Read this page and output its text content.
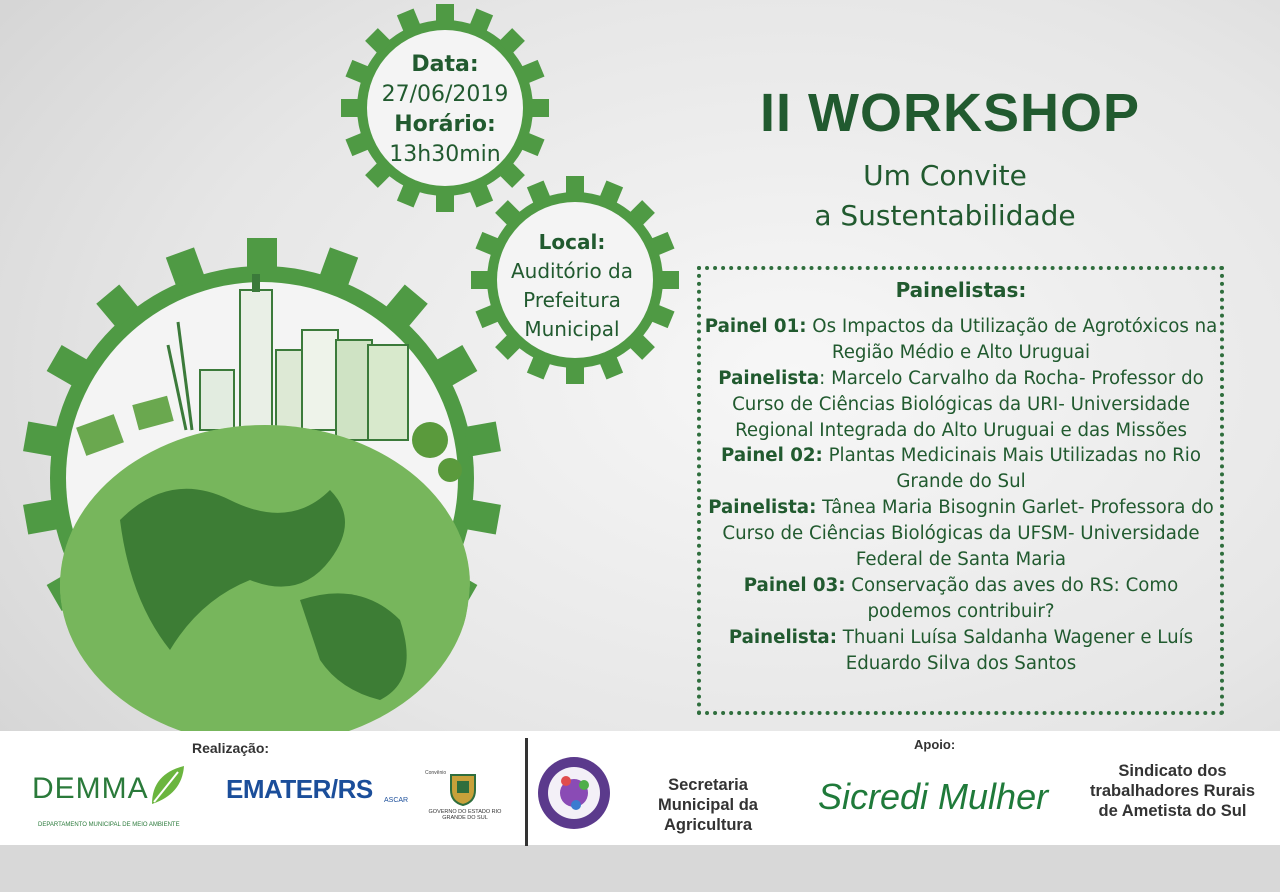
Data:
27/06/2019
Horário:
13h30min
Local:
Auditório da
Prefeitura
Municipal
II WORKSHOP
Um Convite
a Sustentabilidade
Painelistas:

Painel 01: Os Impactos da Utilização de Agrotóxicos na Região Médio e Alto Uruguai

Painelista: Marcelo Carvalho da Rocha- Professor do Curso de Ciências Biológicas da URI- Universidade Regional Integrada do Alto Uruguai e das Missões

Painel 02: Plantas Medicinais Mais Utilizadas no Rio Grande do Sul

Painelista: Tânea Maria Bisognin Garlet- Professora do Curso de Ciências Biológicas da UFSM- Universidade Federal de Santa Maria

Painel 03: Conservação das aves do RS: Como podemos contribuir?

Painelista: Thuani Luísa Saldanha Wagener e Luís Eduardo Silva dos Santos

Realização:	Apoio:
DEMMA
DEPARTAMENTO MUNICIPAL DE MEIO AMBIENTE
EMATER/RS ASCAR
Convênio
GOVERNO DO ESTADO RIO GRANDE DO SUL
Secretaria Municipal da Agricultura
Sicredi Mulher
Sindicato dos trabalhadores Rurais de Ametista do Sul
